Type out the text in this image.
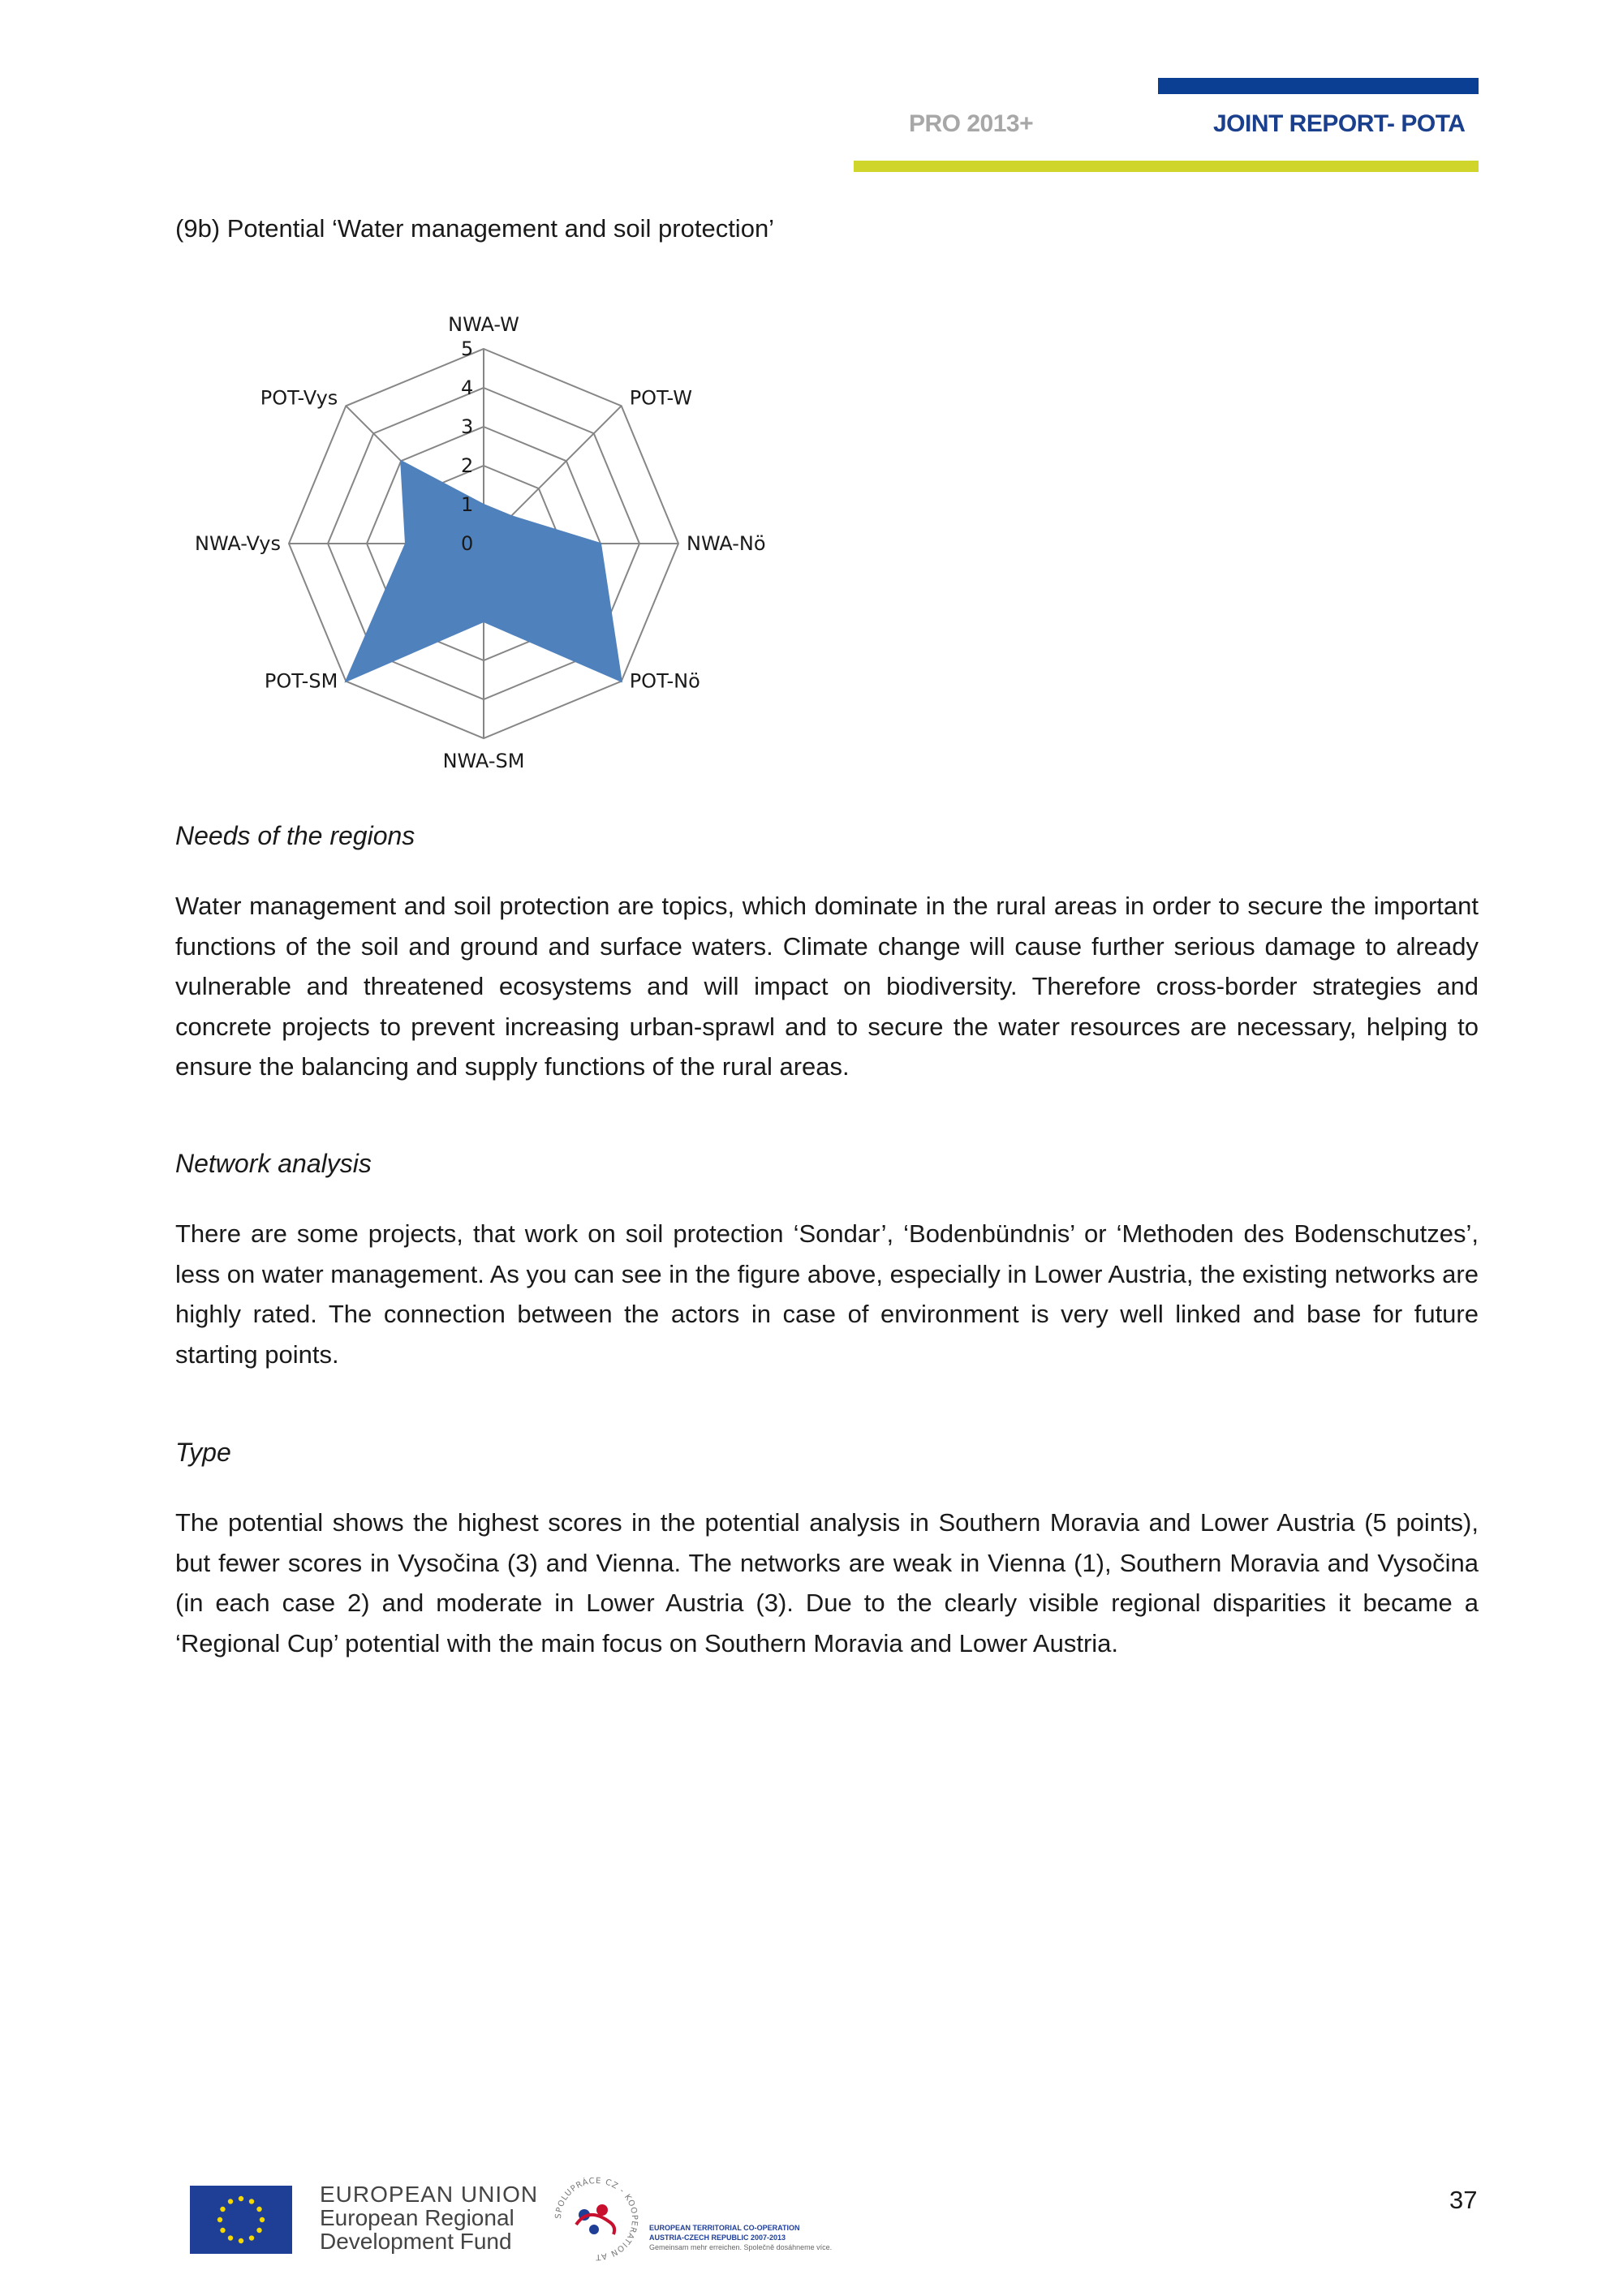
PRO 2013+	JOINT REPORT- POTA
(9b) Potential ‘Water management and soil protection’
0
1
2
3
4
5
NWA-W
POT-W
NWA-Nö
POT-Nö
NWA-SM
POT-SM
NWA-Vys
POT-Vys
Needs of the regions

Water management and soil protection are topics, which dominate in the rural areas in order to secure the important functions of the soil and ground and surface waters. Climate change will cause further serious damage to already vulnerable and threatened ecosystems and will impact on biodiversity. Therefore cross-border strategies and concrete projects to prevent increasing urban-sprawl and to secure the water resources are necessary, helping to ensure the balancing and supply functions of the rural areas.

Network analysis

There are some projects, that work on soil protection ‘Sondar’, ‘Bodenbündnis’ or ‘Methoden des Bodenschutzes’, less on water management. As you can see in the figure above, especially in Lower Austria, the existing networks are highly rated. The connection between the actors in case of environment is very well linked and base for future starting points.

Type

The potential shows the highest scores in the potential analysis in Southern Moravia and Lower Austria (5 points), but fewer scores in Vysočina (3) and Vienna. The networks are weak in Vienna (1), Southern Moravia and Vysočina (in each case 2) and moderate in Lower Austria (3). Due to the clearly visible regional disparities it became a ‘Regional Cup’ potential with the main focus on Southern Moravia and Lower Austria.

EUROPEAN UNION
European Regional
Development Fund
SPOLUPRÁCE CZ - KOOPERATION AT
EUROPEAN TERRITORIAL CO-OPERATION
AUSTRIA-CZECH REPUBLIC 2007-2013
Gemeinsam mehr erreichen. Společně dosáhneme více.
37
